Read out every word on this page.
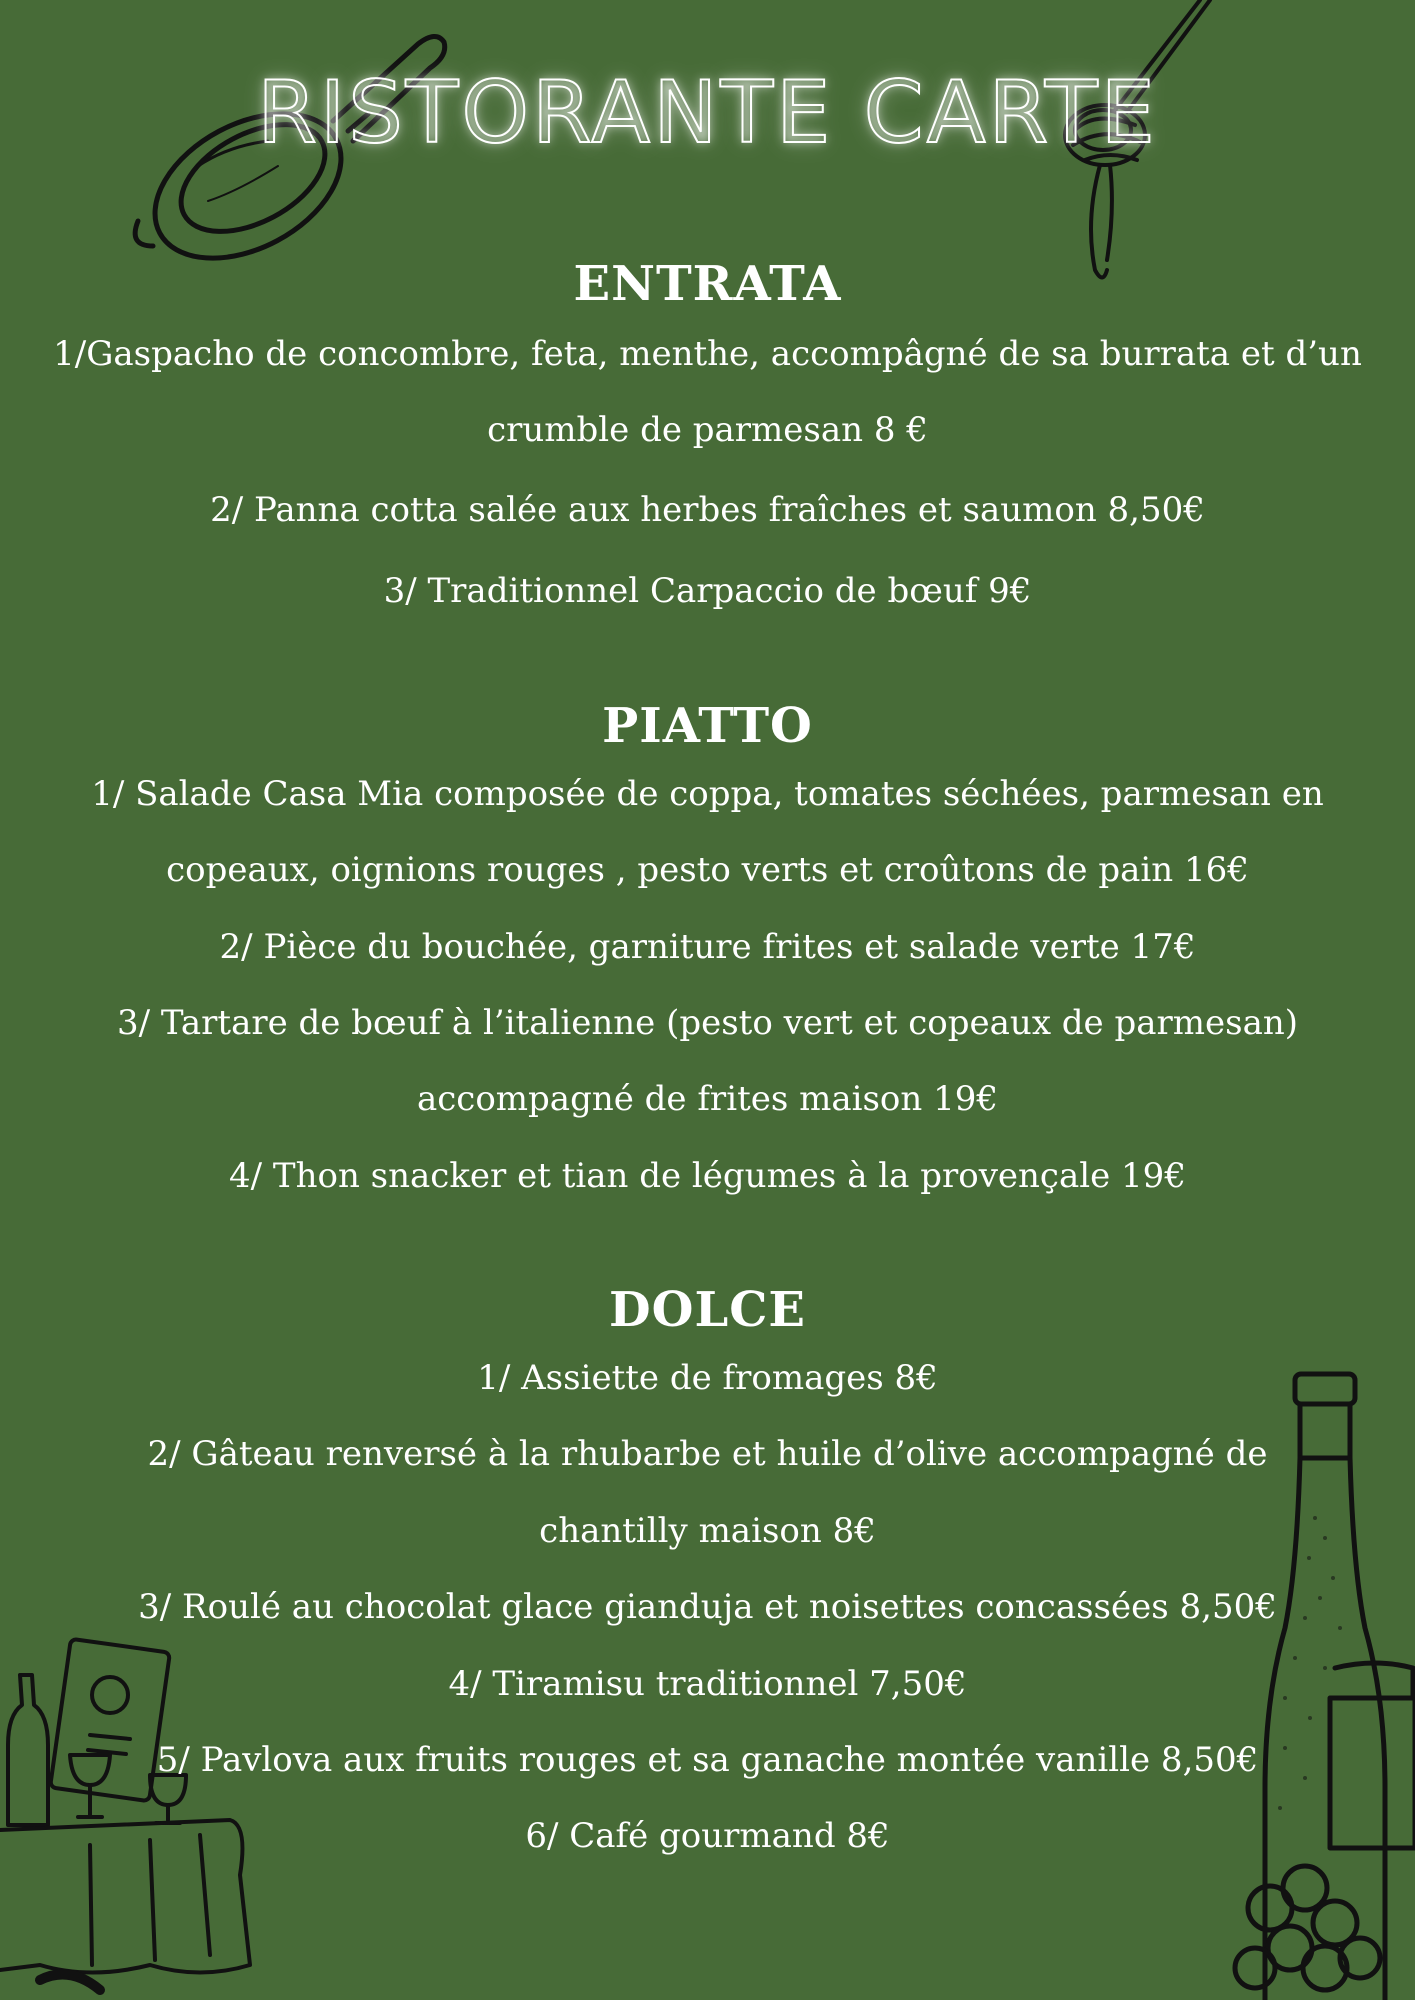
RISTORANTE CARTE
ENTRATA
1/Gaspacho de concombre, feta, menthe, accompâgné de sa burrata et d’un
crumble de parmesan 8 €
2/ Panna cotta salée aux herbes fraîches et saumon 8,50€
3/ Traditionnel Carpaccio de bœuf 9€
PIATTO
1/ Salade Casa Mia composée de coppa, tomates séchées, parmesan en
copeaux, oignions rouges , pesto verts et croûtons de pain 16€
2/ Pièce du bouchée, garniture frites et salade verte 17€
3/ Tartare de bœuf à l’italienne (pesto vert et copeaux de parmesan)
accompagné de frites maison 19€
4/ Thon snacker et tian de légumes à la provençale 19€
DOLCE
1/ Assiette de fromages 8€
2/ Gâteau renversé à la rhubarbe et huile d’olive accompagné de
chantilly maison 8€
3/ Roulé au chocolat glace gianduja et noisettes concassées 8,50€
4/ Tiramisu traditionnel 7,50€
5/ Pavlova aux fruits rouges et sa ganache montée vanille 8,50€
6/ Café gourmand 8€
